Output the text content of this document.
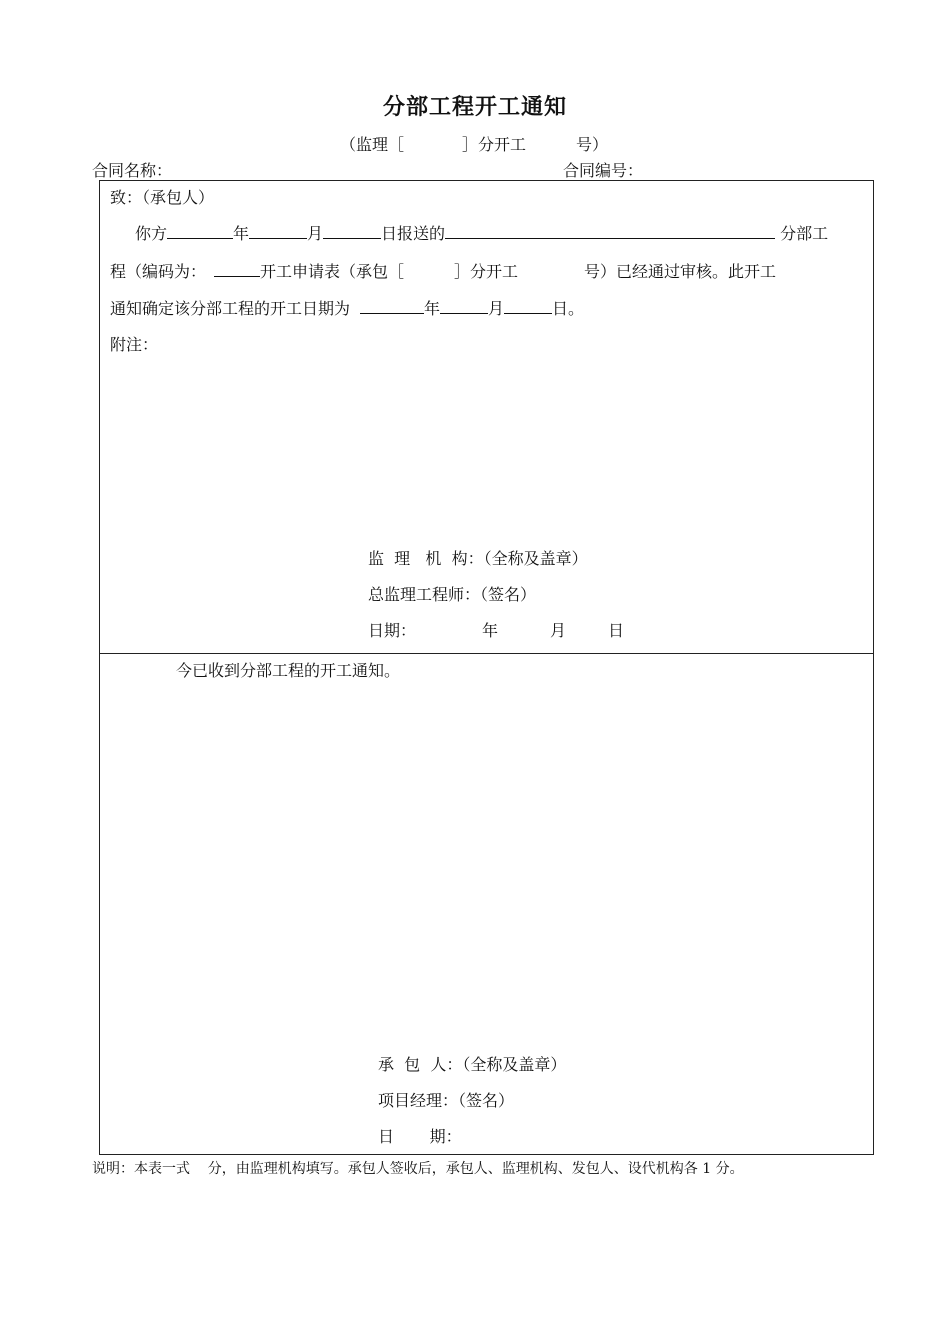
分部工程开工通知
（监理［	］分开工	号）
合同名称：	合同编号：
致：（承包人）
你方	年	月	日报送的	分部工
程（编码为：	开工申请表（承包［	］分开工	号）已经通过审核。此开工
通知确定该分部工程的开工日期为	年	月	日。
附注：
监  理   机  构：（全称及盖章）
总监理工程师：（签名）
日期：	年	月	日
今已收到分部工程的开工通知。
承  包  人：（全称及盖章）
项目经理：（签名）
日       期：
说明：本表一式    分，由监理机构填写。承包人签收后，承包人、监理机构、发包人、设代机构各 1 分。
